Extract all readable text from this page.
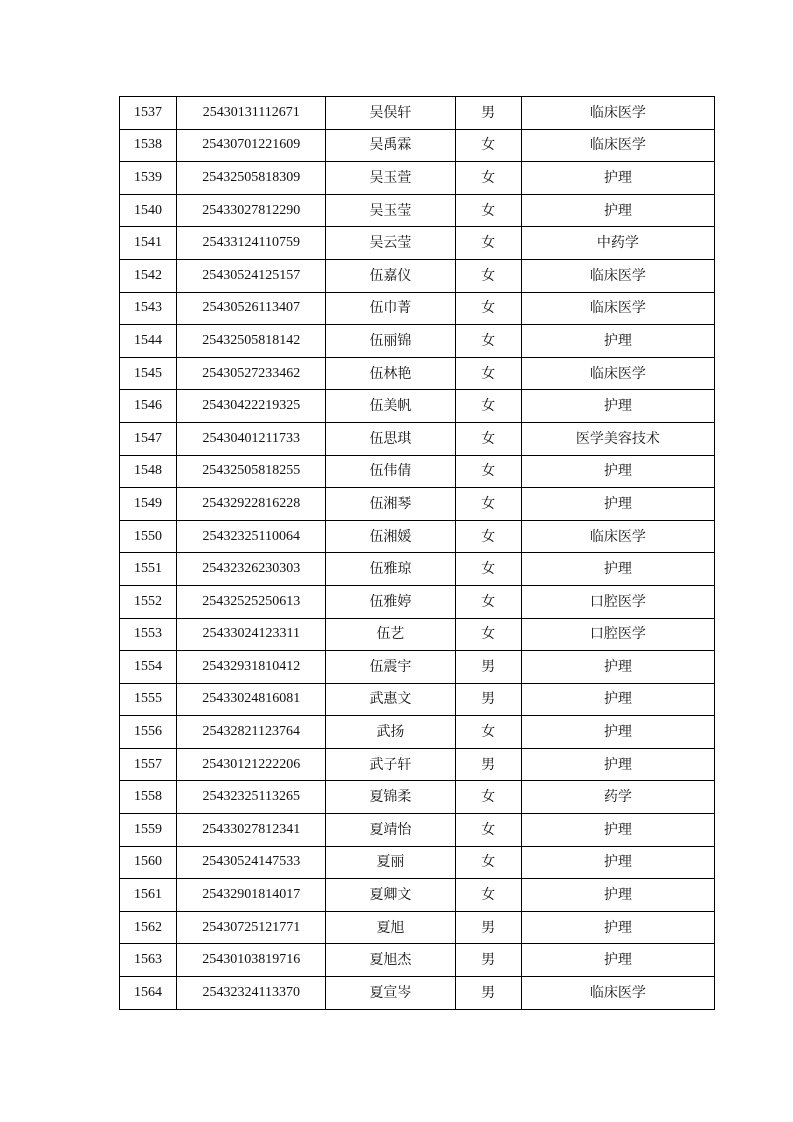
1537	25430131112671	吴俣轩	男	临床医学
1538	25430701221609	吴禹霖	女	临床医学
1539	25432505818309	吴玉萱	女	护理
1540	25433027812290	吴玉莹	女	护理
1541	25433124110759	吴云莹	女	中药学
1542	25430524125157	伍嘉仪	女	临床医学
1543	25430526113407	伍巾菁	女	临床医学
1544	25432505818142	伍丽锦	女	护理
1545	25430527233462	伍林艳	女	临床医学
1546	25430422219325	伍美帆	女	护理
1547	25430401211733	伍思琪	女	医学美容技术
1548	25432505818255	伍伟倩	女	护理
1549	25432922816228	伍湘琴	女	护理
1550	25432325110064	伍湘媛	女	临床医学
1551	25432326230303	伍雅琼	女	护理
1552	25432525250613	伍雅婷	女	口腔医学
1553	25433024123311	伍艺	女	口腔医学
1554	25432931810412	伍震宇	男	护理
1555	25433024816081	武惠文	男	护理
1556	25432821123764	武扬	女	护理
1557	25430121222206	武子轩	男	护理
1558	25432325113265	夏锦柔	女	药学
1559	25433027812341	夏靖怡	女	护理
1560	25430524147533	夏丽	女	护理
1561	25432901814017	夏卿文	女	护理
1562	25430725121771	夏旭	男	护理
1563	25430103819716	夏旭杰	男	护理
1564	25432324113370	夏宣岑	男	临床医学
